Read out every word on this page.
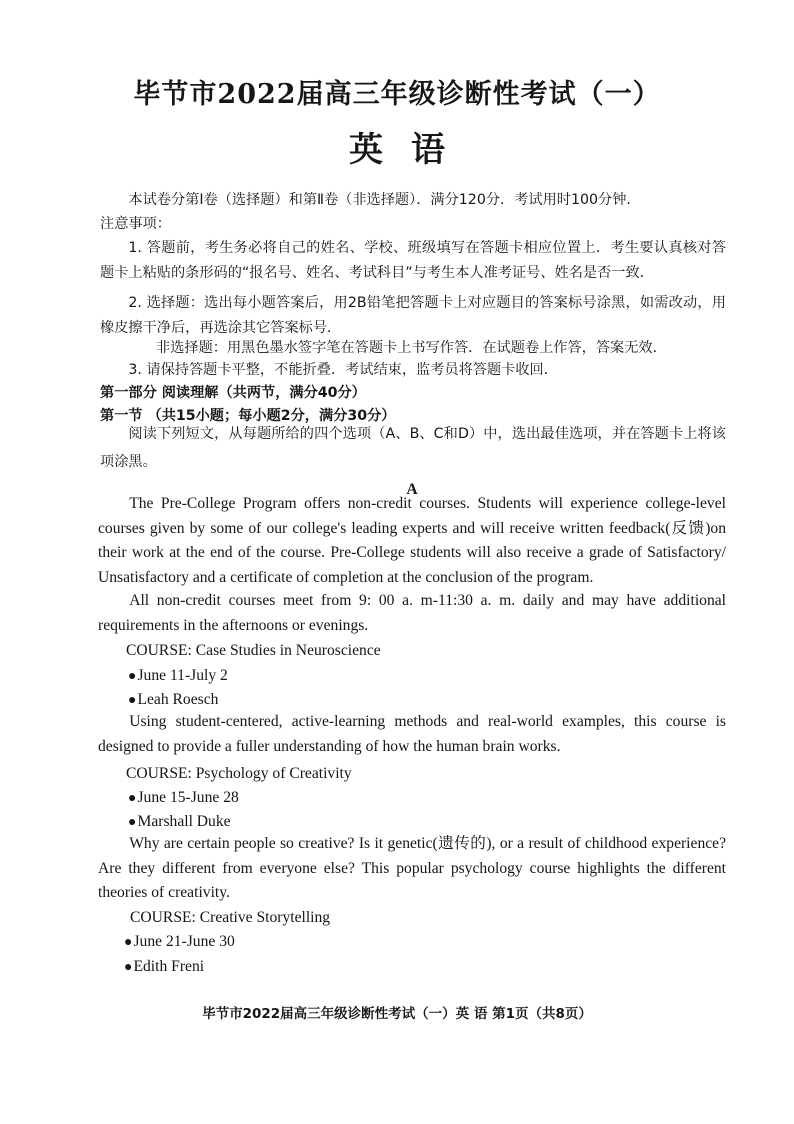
毕节市2022届高三年级诊断性考试（一）
英语
本试卷分第Ⅰ卷（选择题）和第Ⅱ卷（非选择题）．满分120分．考试用时100分钟．
注意事项：
1. 答题前，考生务必将自己的姓名、学校、班级填写在答题卡相应位置上．考生要认真核对答题卡上粘贴的条形码的“报名号、姓名、考试科目”与考生本人准考证号、姓名是否一致．
2. 选择题：选出每小题答案后，用2B铅笔把答题卡上对应题目的答案标号涂黑，如需改动，用橡皮擦干净后，再选涂其它答案标号．
非选择题：用黑色墨水签字笔在答题卡上书写作答．在试题卷上作答，答案无效．
3. 请保持答题卡平整，不能折叠．考试结束，监考员将答题卡收回．
第一部分 阅读理解（共两节，满分40分）
第一节 （共15小题；每小题2分，满分30分）
阅读下列短文，从每题所给的四个选项（A、B、C和D）中，选出最佳选项，并在答题卡上将该项涂黑。
A
The Pre-College Program offers non-credit courses. Students will experience college-level courses given by some of our college's leading experts and will receive written feedback(反馈)on their work at the end of the course. Pre-College students will also receive a grade of Satisfactory/ Unsatisfactory and a certificate of completion at the conclusion of the program.
All non-credit courses meet from 9: 00 a. m-11:30 a. m. daily and may have additional requirements in the afternoons or evenings.
COURSE: Case Studies in Neuroscience
●June 11-July 2
●Leah Roesch
Using student-centered, active-learning methods and real-world examples, this course is designed to provide a fuller understanding of how the human brain works.
COURSE: Psychology of Creativity
●June 15-June 28
●Marshall Duke
Why are certain people so creative? Is it genetic(遗传的), or a result of childhood experience? Are they different from everyone else? This popular psychology course highlights the different theories of creativity.
COURSE: Creative Storytelling
●June 21-June 30
●Edith Freni
毕节市2022届高三年级诊断性考试（一）英 语 第1页（共8页）
